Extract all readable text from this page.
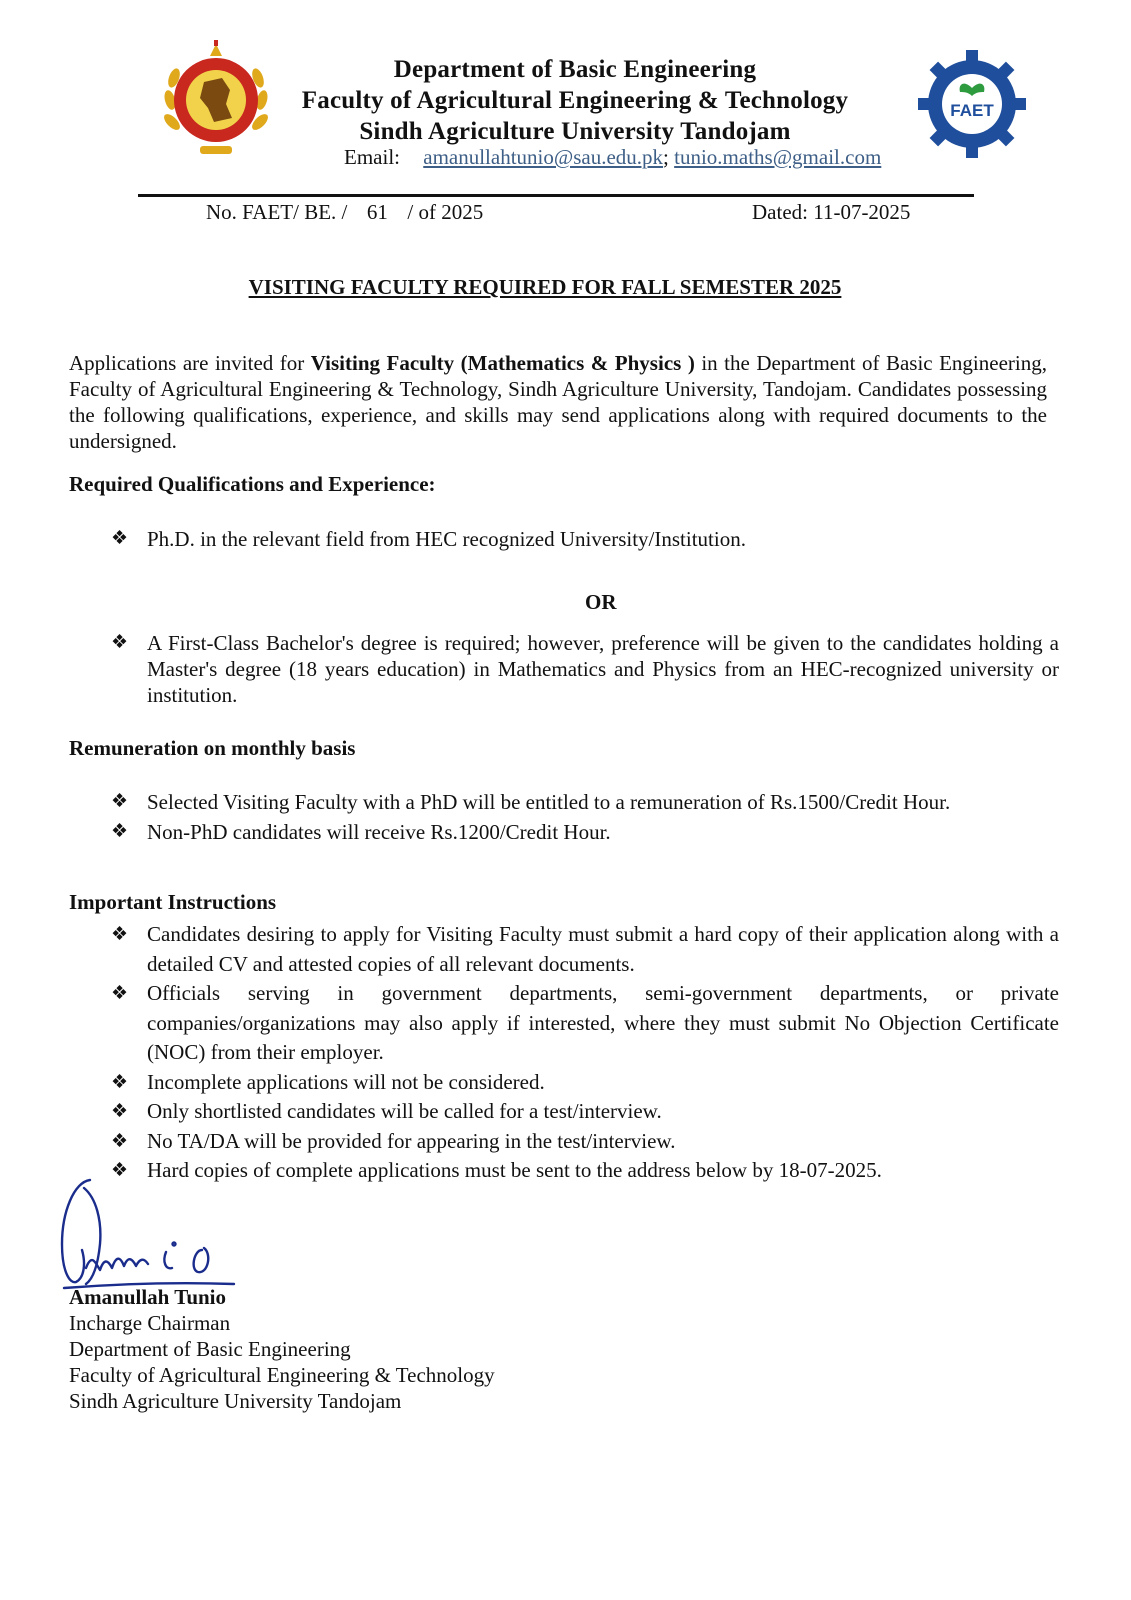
Department of Basic Engineering
Faculty of Agricultural Engineering & Technology
Sindh Agriculture University Tandojam
Email: amanullahtunio@sau.edu.pk; tunio.maths@gmail.com
FAET
No. FAET/ BE. / 61 / of 2025	Dated: 11-07-2025
VISITING FACULTY REQUIRED FOR FALL SEMESTER 2025
Applications are invited for Visiting Faculty (Mathematics & Physics ) in the Department of Basic Engineering, Faculty of Agricultural Engineering & Technology, Sindh Agriculture University, Tandojam. Candidates possessing the following qualifications, experience, and skills may send applications along with required documents to the undersigned.
Required Qualifications and Experience:
❖ Ph.D. in the relevant field from HEC recognized University/Institution.
OR
❖ A First-Class Bachelor's degree is required; however, preference will be given to the candidates holding a Master's degree (18 years education) in Mathematics and Physics from an HEC-recognized university or institution.
Remuneration on monthly basis
❖ Selected Visiting Faculty with a PhD will be entitled to a remuneration of Rs.1500/Credit Hour.
❖ Non-PhD candidates will receive Rs.1200/Credit Hour.
Important Instructions
❖ Candidates desiring to apply for Visiting Faculty must submit a hard copy of their application along with a detailed CV and attested copies of all relevant documents.
❖ Officials serving in government departments, semi-government departments, or private companies/organizations may also apply if interested, where they must submit No Objection Certificate (NOC) from their employer.
❖ Incomplete applications will not be considered.
❖ Only shortlisted candidates will be called for a test/interview.
❖ No TA/DA will be provided for appearing in the test/interview.
❖ Hard copies of complete applications must be sent to the address below by 18-07-2025.
Amanullah Tunio
Incharge Chairman
Department of Basic Engineering
Faculty of Agricultural Engineering & Technology
Sindh Agriculture University Tandojam
